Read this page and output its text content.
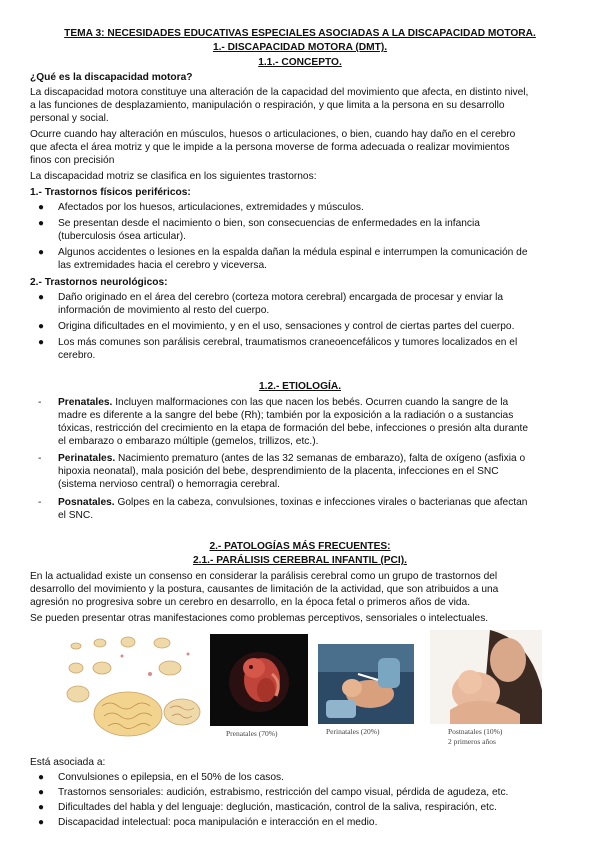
TEMA 3: NECESIDADES EDUCATIVAS ESPECIALES ASOCIADAS A LA DISCAPACIDAD MOTORA.
1.- DISCAPACIDAD MOTORA (DMT).
1.1.- CONCEPTO.
¿Qué es la discapacidad motora?
La discapacidad motora constituye una alteración de la capacidad del movimiento que afecta, en distinto nivel,
a las funciones de desplazamiento, manipulación o respiración, y que limita a la persona en su desarrollo
personal y social.
Ocurre cuando hay alteración en músculos, huesos o articulaciones, o bien, cuando hay daño en el cerebro
que afecta el área motriz y que le impide a la persona moverse de forma adecuada o realizar movimientos
finos con precisión
La discapacidad motriz se clasifica en los siguientes trastornos:
1.- Trastornos físicos periféricos:
● Afectados por los huesos, articulaciones, extremidades y músculos.
● Se presentan desde el nacimiento o bien, son consecuencias de enfermedades en la infancia
(tuberculosis ósea articular).
● Algunos accidentes o lesiones en la espalda dañan la médula espinal e interrumpen la comunicación de
las extremidades hacia el cerebro y viceversa.
2.- Trastornos neurológicos:
● Daño originado en el área del cerebro (corteza motora cerebral) encargada de procesar y enviar la
información de movimiento al resto del cuerpo.
● Origina dificultades en el movimiento, y en el uso, sensaciones y control de ciertas partes del cuerpo.
● Los más comunes son parálisis cerebral, traumatismos craneoencefálicos y tumores localizados en el
cerebro.
1.2.- ETIOLOGÍA.
- Prenatales. Incluyen malformaciones con las que nacen los bebés. Ocurren cuando la sangre de la
madre es diferente a la sangre del bebe (Rh); también por la exposición a la radiación o a sustancias
tóxicas, restricción del crecimiento en la etapa de formación del bebe, infecciones o presión alta durante
el embarazo o embarazo múltiple (gemelos, trillizos, etc.).
- Perinatales. Nacimiento prematuro (antes de las 32 semanas de embarazo), falta de oxígeno (asfixia o
hipoxia neonatal), mala posición del bebe, desprendimiento de la placenta, infecciones en el SNC
(sistema nervioso central) o hemorragia cerebral.
- Posnatales. Golpes en la cabeza, convulsiones, toxinas e infecciones virales o bacterianas que afectan
el SNC.
2.- PATOLOGÍAS MÁS FRECUENTES:
2.1.- PARÁLISIS CEREBRAL INFANTIL (PCI).
En la actualidad existe un consenso en considerar la parálisis cerebral como un grupo de trastornos del
desarrollo del movimiento y la postura, causantes de limitación de la actividad, que son atribuidos a una
agresión no progresiva sobre un cerebro en desarrollo, en la época fetal o primeros años de vida.
Se pueden presentar otras manifestaciones como problemas perceptivos, sensoriales o intelectuales.
Prenatales (70%)	Perinatales (20%)	Postnatales (10%)
2 primeros años
Está asociada a:
● Convulsiones o epilepsia, en el 50% de los casos.
● Trastornos sensoriales: audición, estrabismo, restricción del campo visual, pérdida de agudeza, etc.
● Dificultades del habla y del lenguaje: deglución, masticación, control de la saliva, respiración, etc.
● Discapacidad intelectual: poca manipulación e interacción en el medio.
